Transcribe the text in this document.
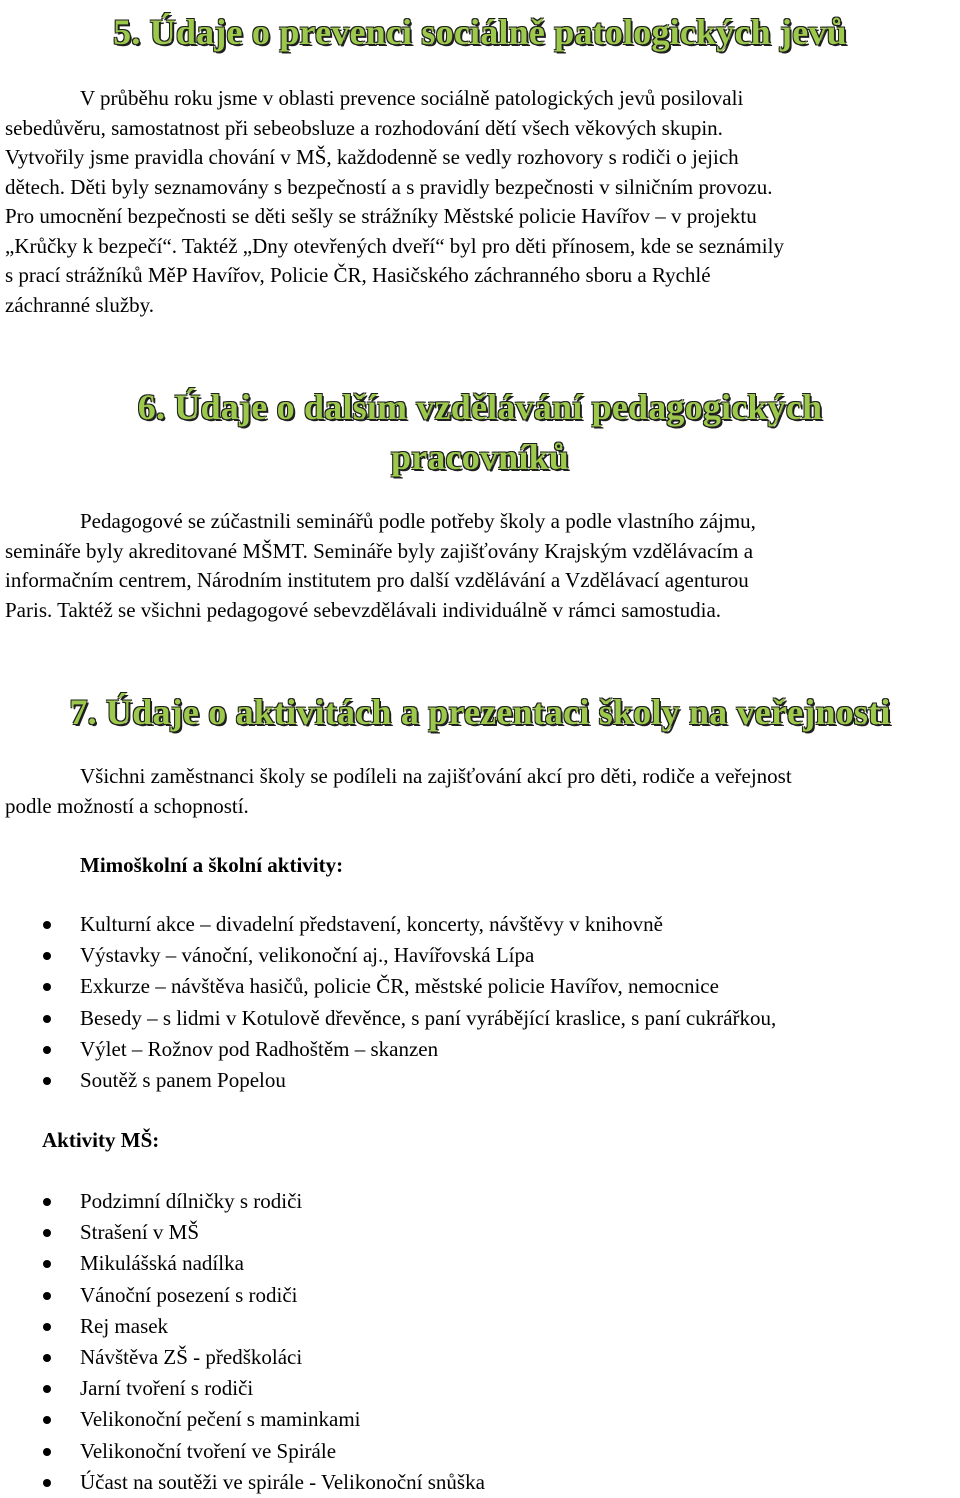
5. Údaje o prevenci sociálně patologických jevů
V průběhu roku jsme v oblasti prevence sociálně patologických jevů posilovali
sebedůvěru, samostatnost při sebeobsluze a rozhodování dětí všech věkových skupin.
Vytvořily jsme pravidla chování v MŠ, každodenně se vedly rozhovory s rodiči o jejich
dětech. Děti byly seznamovány s bezpečností a s pravidly bezpečnosti v silničním provozu.
Pro umocnění bezpečnosti se děti sešly se strážníky Městské policie Havířov – v projektu
„Krůčky k bezpečí“. Taktéž „Dny otevřených dveří“ byl pro děti přínosem, kde se seznámily
s prací strážníků MěP Havířov, Policie ČR, Hasičského záchranného sboru a Rychlé
záchranné služby.
6. Údaje o dalším vzdělávání pedagogických
pracovníků
Pedagogové se zúčastnili seminářů podle potřeby školy a podle vlastního zájmu,
semináře byly akreditované MŠMT. Semináře byly zajišťovány Krajským vzdělávacím a
informačním centrem, Národním institutem pro další vzdělávání a Vzdělávací agenturou
Paris. Taktéž se všichni pedagogové sebevzdělávali individuálně v rámci samostudia.
7. Údaje o aktivitách a prezentaci školy na veřejnosti
Všichni zaměstnanci školy se podíleli na zajišťování akcí pro děti, rodiče a veřejnost
podle možností a schopností.

Mimoškolní a školní aktivity:

Kulturní akce – divadelní představení, koncerty, návštěvy v knihovně
Výstavky – vánoční, velikonoční aj., Havířovská Lípa
Exkurze – návštěva hasičů, policie ČR, městské policie Havířov, nemocnice
Besedy – s lidmi v Kotulově dřevěnce, s paní vyrábějící kraslice, s paní cukrářkou,
Výlet – Rožnov pod Radhoštěm – skanzen
Soutěž s panem Popelou

Aktivity MŠ:

Podzimní dílničky s rodiči
Strašení v MŠ
Mikulášská nadílka
Vánoční posezení s rodiči
Rej masek
Návštěva ZŠ - předškoláci
Jarní tvoření s rodiči
Velikonoční pečení s maminkami
Velikonoční tvoření ve Spirále
Účast na soutěži ve spirále - Velikonoční snůška
